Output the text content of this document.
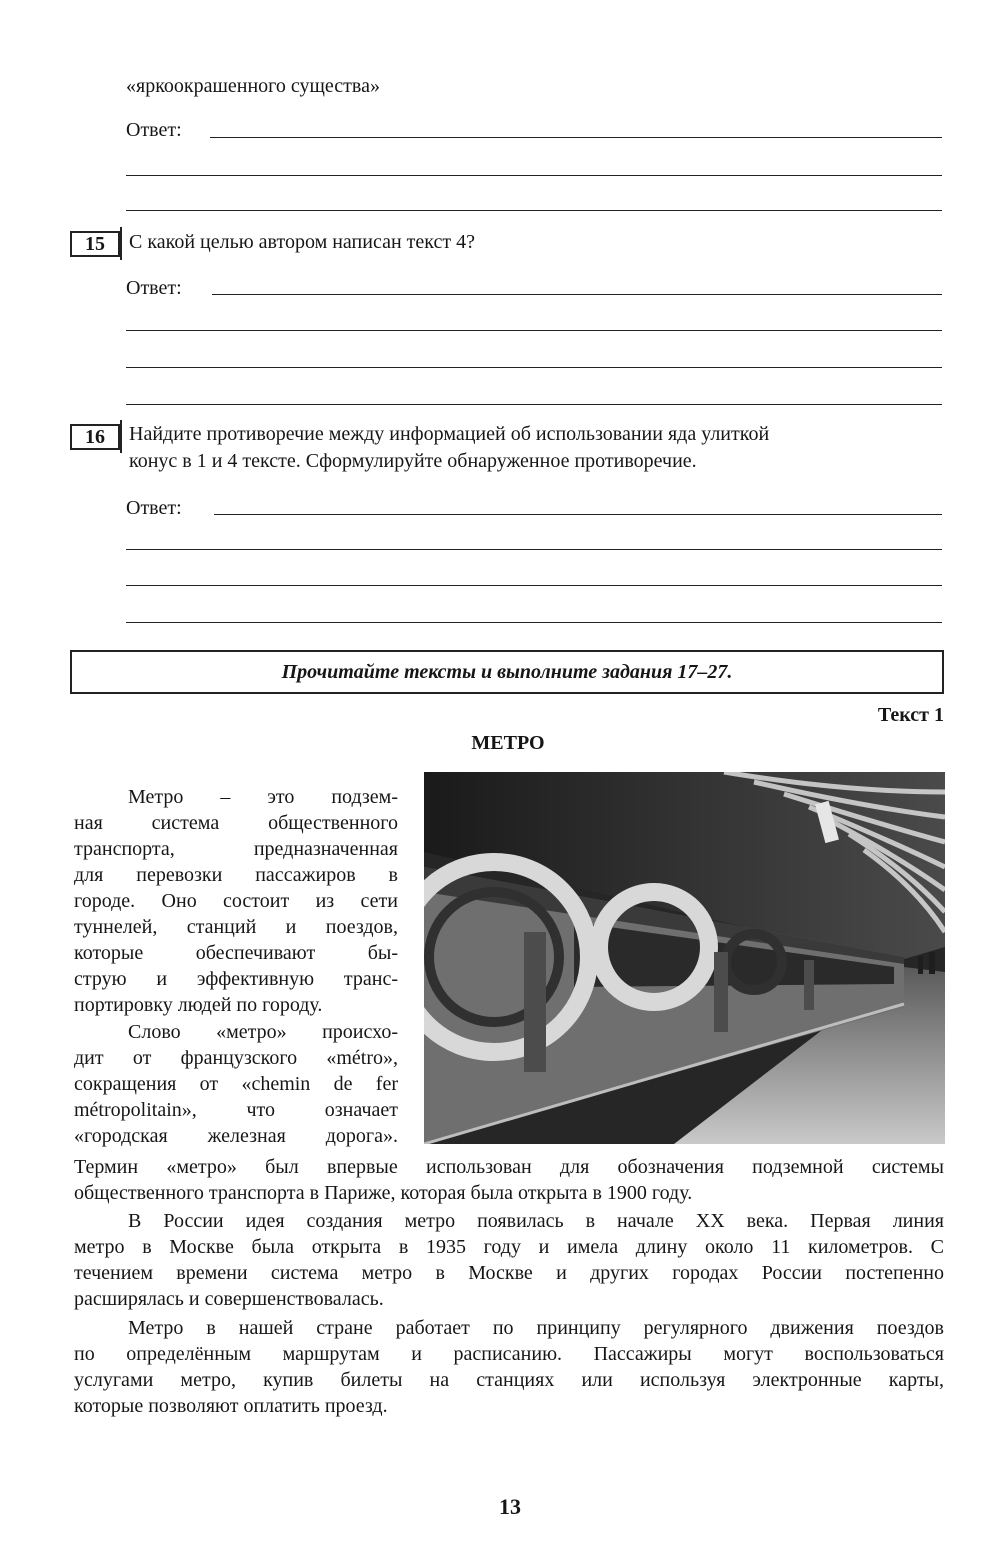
«яркоокрашенного существа»
Ответ:
15	С какой целью автором написан текст 4?
Ответ:
16	Найдите противоречие между информацией об использовании яда улиткой
конус в 1 и 4 тексте. Сформулируйте обнаруженное противоречие.
Ответ:
Прочитайте тексты и выполните задания 17–27.
Текст 1
МЕТРО
Метро – это подзем-
ная системa общественного
транспорта, предназначенная
для перевозки пассажиров в
городе. Оно состоит из сети
туннелей, станций и поездов,
которые обеспечивают бы-
струю и эффективную транс-
портировку людей по городу.
Слово «метро» происхо-
дит от французского «métro»,
сокращения от «chemin de fer
métropolitain», что означает
«городская железная дорога».
Термин «метро» был впервые использован для обозначения подземной системы
общественного транспорта в Париже, которая была открыта в 1900 году.
В России идея создания метро появилась в начале XX века. Первая линия
метро в Москве была открыта в 1935 году и имела длину около 11 километров. С
течением времени система метро в Москве и других городах России постепенно
расширялась и совершенствовалась.
Метро в нашей стране работает по принципу регулярного движения поездов
по определённым маршрутам и расписанию. Пассажиры могут воспользоваться
услугами метро, купив билеты на станциях или используя электронные карты,
которые позволяют оплатить проезд.
13
